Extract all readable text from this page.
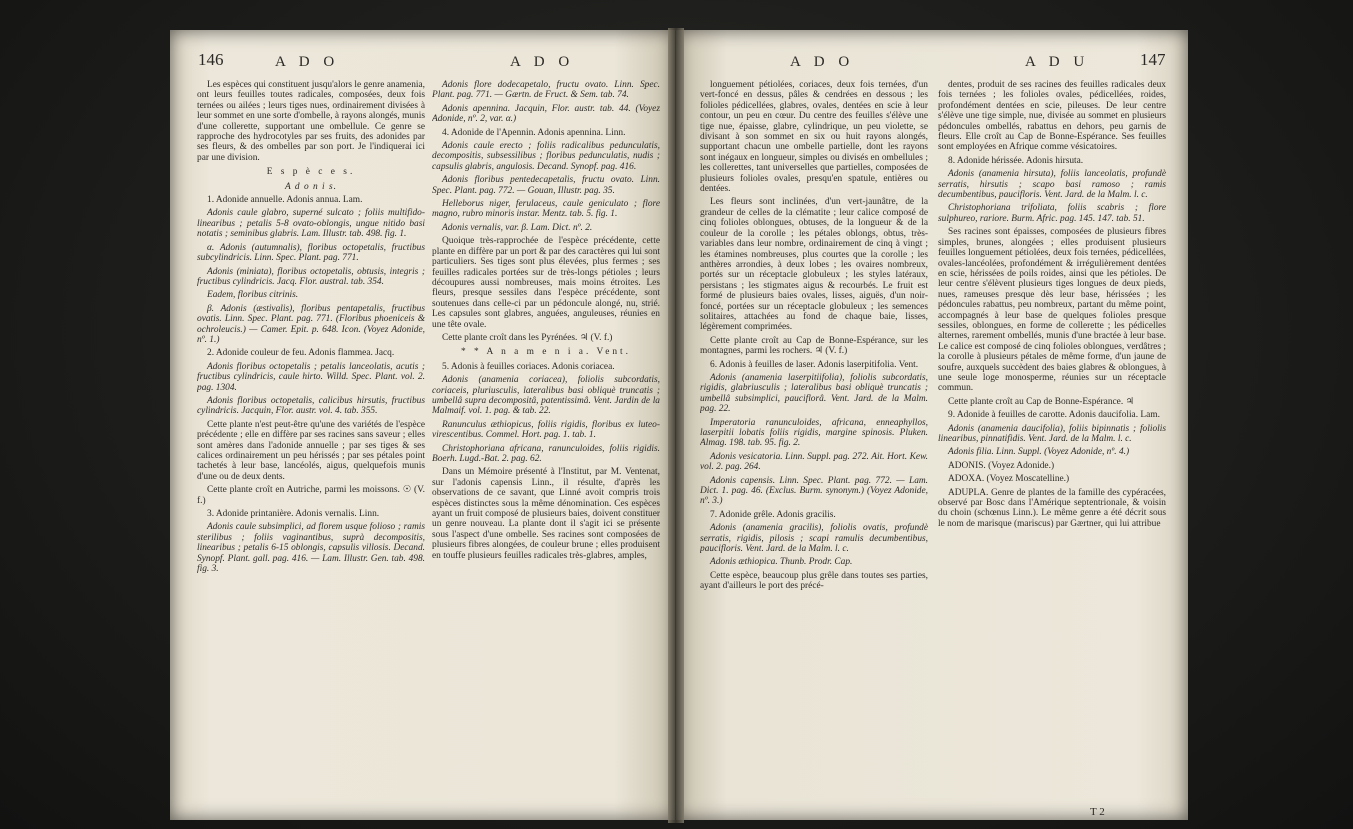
146	A D O	A D O	A D O	A D U	147

Les espèces qui constituent jusqu'alors le genre anamenia, ont leurs feuilles toutes radicales, composées, deux fois ternées ou ailées ; leurs tiges nues, ordinairement divisées à leur sommet en une sorte d'ombelle, à rayons alongés, munis d'une collerette, supportant une ombellule. Ce genre se rapproche des hydrocotyles par ses fruits, des adonides par ses fleurs, & des ombelles par son port. Je l'indiquerai ici par une division.

E s p è c e s.

A d o n i s.

1. Adonide annuelle. Adonis annua. Lam.

Adonis caule glabro, superné sulcato ; foliis multifido-linearibus ; petalis 5-8 ovato-oblongis, ungue nitido basi notatis ; seminibus glabris. Lam. Illustr. tab. 498. fig. 1.

α. Adonis (autumnalis), floribus octopetalis, fructibus subcylindricis. Linn. Spec. Plant. pag. 771.

Adonis (miniata), floribus octopetalis, obtusis, integris ; fructibus cylindricis. Jacq. Flor. austral. tab. 354.

Eadem, floribus citrinis.

β. Adonis (æstivalis), floribus pentapetalis, fructibus ovatis. Linn. Spec. Plant. pag. 771. (Floribus phoeniceis & ochroleucis.) — Camer. Epit. p. 648. Icon. (Voyez Adonide, nº. 1.)

2. Adonide couleur de feu. Adonis flammea. Jacq.

Adonis floribus octopetalis ; petalis lanceolatis, acutis ; fructibus cylindricis, caule hirto. Willd. Spec. Plant. vol. 2. pag. 1304.

Adonis floribus octopetalis, calicibus hirsutis, fructibus cylindricis. Jacquin, Flor. austr. vol. 4. tab. 355.

Cette plante n'est peut-être qu'une des variétés de l'espèce précédente ; elle en diffère par ses racines sans saveur ; elles sont amères dans l'adonide annuelle ; par ses tiges & ses calices ordinairement un peu hérissés ; par ses pétales point tachetés à leur base, lancéolés, aigus, quelquefois munis d'une ou de deux dents.

Cette plante croît en Autriche, parmi les moissons. ☉ (V. f.)

3. Adonide printanière. Adonis vernalis. Linn.

Adonis caule subsimplici, ad florem usque folioso ; ramis sterilibus ; foliis vaginantibus, suprà decompositis, linearibus ; petalis 6-15 oblongis, capsulis villosis. Decand. Synopf. Plant. gall. pag. 416. — Lam. Illustr. Gen. tab. 498. fig. 3.

Adonis flore dodecapetalo, fructu ovato. Linn. Spec. Plant. pag. 771. — Gærtn. de Fruct. & Sem. tab. 74.

Adonis apennina. Jacquin, Flor. austr. tab. 44. (Voyez Adonide, nº. 2, var. α.)

4. Adonide de l'Apennin. Adonis apennina. Linn.

Adonis caule erecto ; foliis radicalibus pedunculatis, decompositis, subsessilibus ; floribus pedunculatis, nudis ; capsulis glabris, angulosis. Decand. Synopf. pag. 416.

Adonis floribus pentedecapetalis, fructu ovato. Linn. Spec. Plant. pag. 772. — Gouan, Illustr. pag. 35.

Helleborus niger, ferulaceus, caule geniculato ; flore magno, rubro minoris instar. Mentz. tab. 5. fig. 1.

Adonis vernalis, var. β. Lam. Dict. nº. 2.

Quoique très-rapprochée de l'espèce précédente, cette plante en diffère par un port & par des caractères qui lui sont particuliers. Ses tiges sont plus élevées, plus fermes ; ses feuilles radicales portées sur de très-longs pétioles ; leurs découpures aussi nombreuses, mais moins étroites. Les fleurs, presque sessiles dans l'espèce précédente, sont soutenues dans celle-ci par un pédoncule alongé, nu, strié. Les capsules sont glabres, anguées, anguleuses, réunies en une tête ovale.

Cette plante croît dans les Pyrénées. ♃ (V. f.)

* * A n a m e n i a. Vent.

5. Adonis à feuilles coriaces. Adonis coriacea.

Adonis (anamenia coriacea), foliolis subcordatis, coriaceis, pluriusculis, lateralibus basi obliquè truncatis ; umbellâ supra decompositâ, patentissimâ. Vent. Jardin de la Malmaif. vol. 1. pag. & tab. 22.

Ranunculus æthiopicus, foliis rigidis, floribus ex luteo-virescentibus. Commel. Hort. pag. 1. tab. 1.

Christophoriana africana, ranunculoides, foliis rigidis. Boerh. Lugd.-Bat. 2. pag. 62.

Dans un Mémoire présenté à l'Institut, par M. Ventenat, sur l'adonis capensis Linn., il résulte, d'après les observations de ce savant, que Linné avoit compris trois espèces distinctes sous la même dénomination. Ces espèces ayant un fruit composé de plusieurs baies, doivent constituer un genre nouveau. La plante dont il s'agit ici se présente sous l'aspect d'une ombelle. Ses racines sont composées de plusieurs fibres alongées, de couleur brune ; elles produisent en touffe plusieurs feuilles radicales très-glabres, amples,

longuement pétiolées, coriaces, deux fois ternées, d'un vert-foncé en dessus, pâles & cendrées en dessous ; les folioles pédicellées, glabres, ovales, dentées en scie à leur contour, un peu en cœur. Du centre des feuilles s'élève une tige nue, épaisse, glabre, cylindrique, un peu violette, se divisant à son sommet en six ou huit rayons alongés, supportant chacun une ombelle partielle, dont les rayons sont inégaux en longueur, simples ou divisés en ombellules ; les collerettes, tant universelles que partielles, composées de plusieurs folioles ovales, presqu'en spatule, entières ou dentées.

Les fleurs sont inclinées, d'un vert-jaunâtre, de la grandeur de celles de la clématite ; leur calice composé de cinq folioles oblongues, obtuses, de la longueur & de la couleur de la corolle ; les pétales oblongs, obtus, très-variables dans leur nombre, ordinairement de cinq à vingt ; les étamines nombreuses, plus courtes que la corolle ; les anthères arrondies, à deux lobes ; les ovaires nombreux, portés sur un réceptacle globuleux ; les styles latéraux, persistans ; les stigmates aigus & recourbés. Le fruit est formé de plusieurs baies ovales, lisses, aiguës, d'un noir-foncé, portées sur un réceptacle globuleux ; les semences solitaires, attachées au fond de chaque baie, lisses, légèrement comprimées.

Cette plante croît au Cap de Bonne-Espérance, sur les montagnes, parmi les rochers. ♃ (V. f.)

6. Adonis à feuilles de laser. Adonis laserpitifolia. Vent.

Adonis (anamenia laserpitiifolia), foliolis subcordatis, rigidis, glabriusculis ; lateralibus basi obliquè truncatis ; umbellâ subsimplici, pauciflorâ. Vent. Jard. de la Malm. pag. 22.

Imperatoria ranunculoides, africana, enneaphyllos, laserpitii lobatis foliis rigidis, margine spinosis. Pluken. Almag. 198. tab. 95. fig. 2.

Adonis vesicatoria. Linn. Suppl. pag. 272. Ait. Hort. Kew. vol. 2. pag. 264.

Adonis capensis. Linn. Spec. Plant. pag. 772. — Lam. Dict. 1. pag. 46. (Exclus. Burm. synonym.) (Voyez Adonide, nº. 3.)

7. Adonide grêle. Adonis gracilis.

Adonis (anamenia gracilis), foliolis ovatis, profundè serratis, rigidis, pilosis ; scapi ramulis decumbentibus, paucifloris. Vent. Jard. de la Malm. l. c.

Adonis æthiopica. Thunb. Prodr. Cap.

Cette espèce, beaucoup plus grêle dans toutes ses parties, ayant d'ailleurs le port des précé-

dentes, produit de ses racines des feuilles radicales deux fois ternées ; les folioles ovales, pédicellées, roides, profondément dentées en scie, pileuses. De leur centre s'élève une tige simple, nue, divisée au sommet en plusieurs pédoncules ombellés, rabattus en dehors, peu garnis de fleurs. Elle croît au Cap de Bonne-Espérance. Ses feuilles sont employées en Afrique comme vésicatoires.

8. Adonide hérissée. Adonis hirsuta.

Adonis (anamenia hirsuta), foliis lanceolatis, profundè serratis, hirsutis ; scapo basi ramoso ; ramis decumbentibus, paucifloris. Vent. Jard. de la Malm. l. c.

Christophoriana trifoliata, foliis scabris ; flore sulphureo, rariore. Burm. Afric. pag. 145. 147. tab. 51.

Ses racines sont épaisses, composées de plusieurs fibres simples, brunes, alongées ; elles produisent plusieurs feuilles longuement pétiolées, deux fois ternées, pédicellées, ovales-lancéolées, profondément & irrégulièrement dentées en scie, hérissées de poils roides, ainsi que les pétioles. De leur centre s'élèvent plusieurs tiges longues de deux pieds, nues, rameuses presque dès leur base, hérissées ; les pédoncules rabattus, peu nombreux, partant du même point, accompagnés à leur base de quelques folioles presque sessiles, oblongues, en forme de collerette ; les pédicelles alternes, rarement ombellés, munis d'une bractée à leur base. Le calice est composé de cinq folioles oblongues, verdâtres ; la corolle à plusieurs pétales de même forme, d'un jaune de soufre, auxquels succèdent des baies glabres & oblongues, à une seule loge monosperme, réunies sur un réceptacle commun.

Cette plante croît au Cap de Bonne-Espérance. ♃

9. Adonide à feuilles de carotte. Adonis daucifolia. Lam.

Adonis (anamenia daucifolia), foliis bipinnatis ; foliolis linearibus, pinnatifidis. Vent. Jard. de la Malm. l. c.

Adonis filia. Linn. Suppl. (Voyez Adonide, nº. 4.)

ADONIS. (Voyez Adonide.)

ADOXA. (Voyez Moscatelline.)

ADUPLA. Genre de plantes de la famille des cypéracées, observé par Bosc dans l'Amérique septentrionale, & voisin du choin (schœnus Linn.). Le même genre a été décrit sous le nom de marisque (mariscus) par Gærtner, qui lui attribue

T 2
